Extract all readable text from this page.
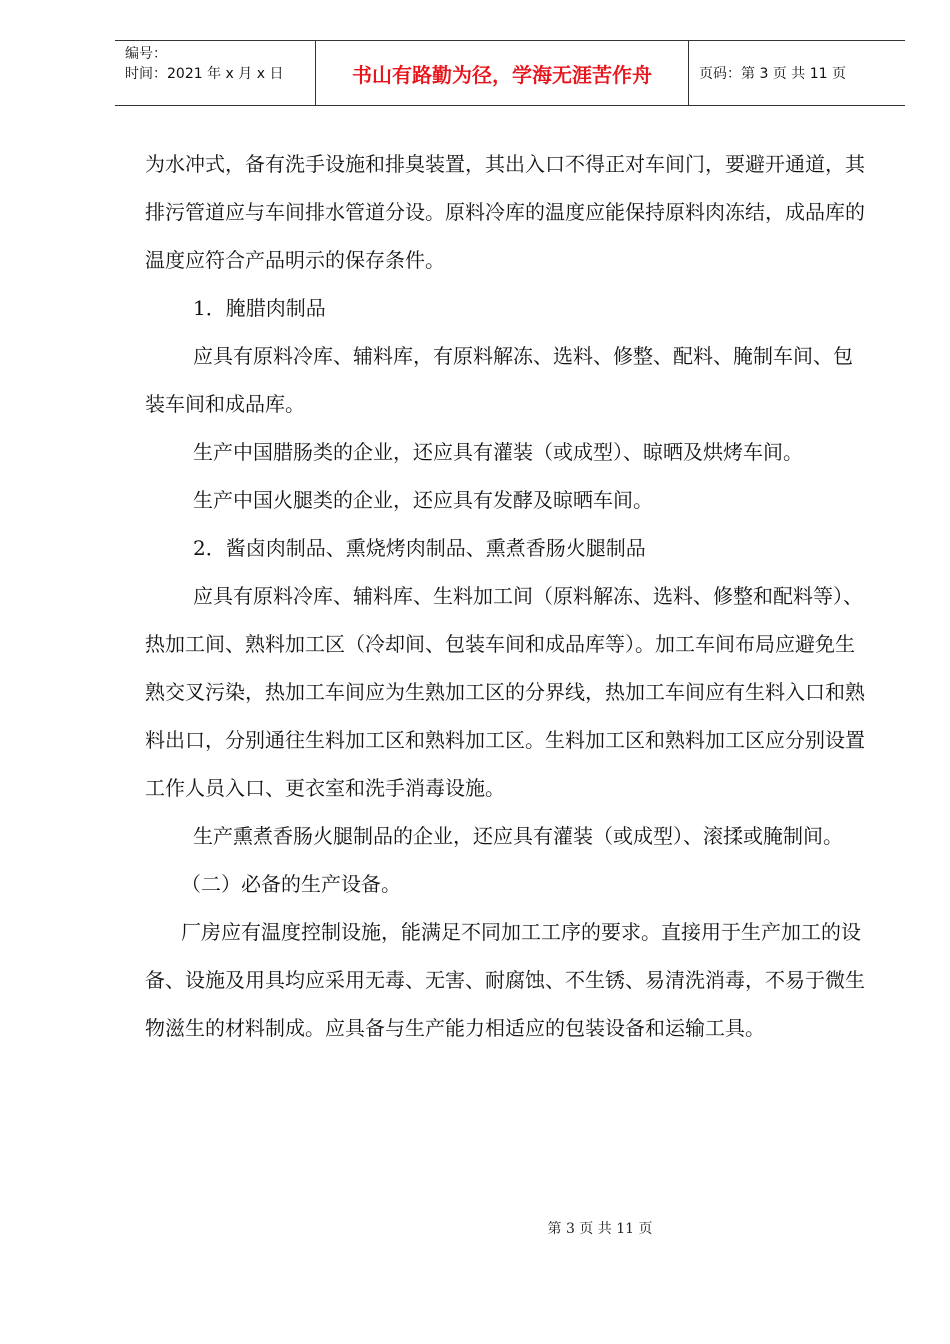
编号：
时间：2021 年 x 月 x 日	书山有路勤为径，学海无涯苦作舟	页码：第 3 页 共 11 页

为水冲式，备有洗手设施和排臭装置，其出入口不得正对车间门，要避开通道，其排污管道应与车间排水管道分设。原料冷库的温度应能保持原料肉冻结，成品库的温度应符合产品明示的保存条件。

1．腌腊肉制品

应具有原料冷库、辅料库，有原料解冻、选料、修整、配料、腌制车间、包装车间和成品库。

生产中国腊肠类的企业，还应具有灌装（或成型）、晾晒及烘烤车间。

生产中国火腿类的企业，还应具有发酵及晾晒车间。

2．酱卤肉制品、熏烧烤肉制品、熏煮香肠火腿制品

应具有原料冷库、辅料库、生料加工间（原料解冻、选料、修整和配料等）、热加工间、熟料加工区（冷却间、包装车间和成品库等）。加工车间布局应避免生熟交叉污染，热加工车间应为生熟加工区的分界线，热加工车间应有生料入口和熟料出口，分别通往生料加工区和熟料加工区。生料加工区和熟料加工区应分别设置工作人员入口、更衣室和洗手消毒设施。

生产熏煮香肠火腿制品的企业，还应具有灌装（或成型）、滚揉或腌制间。

（二）必备的生产设备。

厂房应有温度控制设施，能满足不同加工工序的要求。直接用于生产加工的设备、设施及用具均应采用无毒、无害、耐腐蚀、不生锈、易清洗消毒，不易于微生物滋生的材料制成。应具备与生产能力相适应的包装设备和运输工具。

第 3 页 共 11 页
